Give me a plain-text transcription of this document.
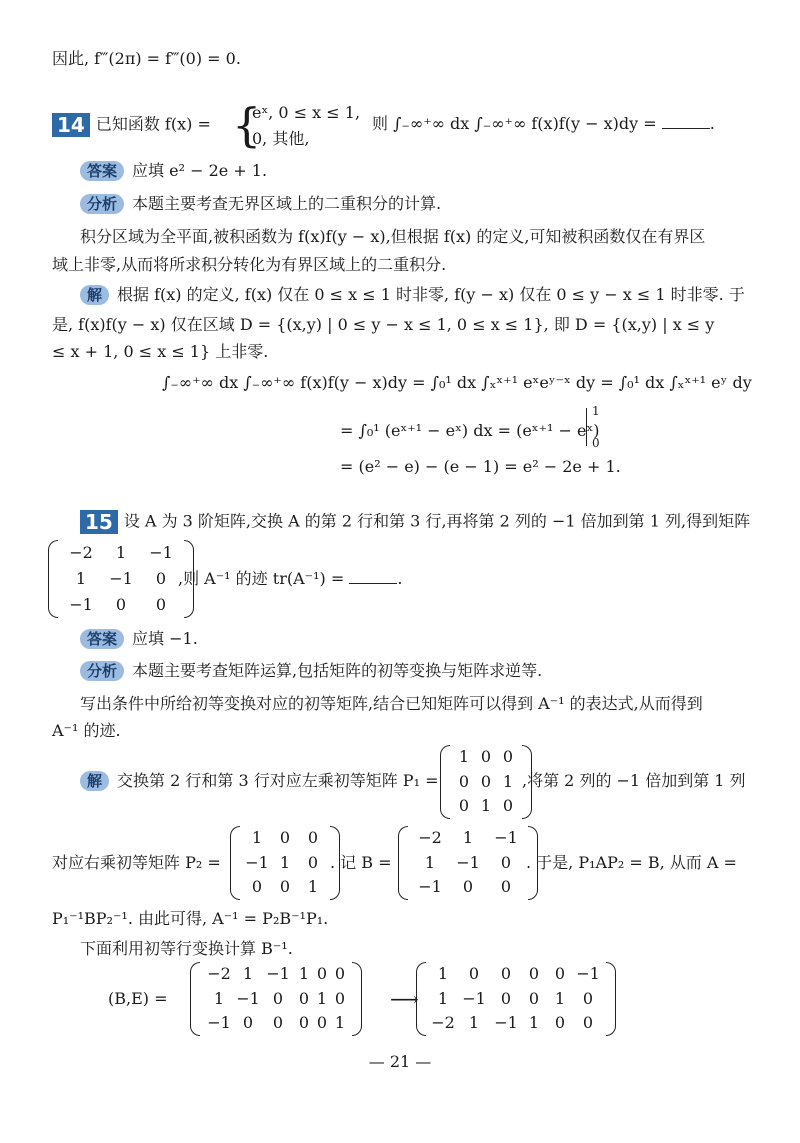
因此, f‴(2π) = f‴(0) = 0.
14 已知函数 f(x) = {
eˣ, 0 ≤ x ≤ 1,
0, 其他,
则 ∫₋∞⁺∞ dx ∫₋∞⁺∞ f(x)f(y − x)dy =	.
答案 应填 e² − 2e + 1.
分析 本题主要考查无界区域上的二重积分的计算.
积分区域为全平面,被积函数为 f(x)f(y − x),但根据 f(x) 的定义,可知被积函数仅在有界区
域上非零,从而将所求积分转化为有界区域上的二重积分.
解 根据 f(x) 的定义, f(x) 仅在 0 ≤ x ≤ 1 时非零, f(y − x) 仅在 0 ≤ y − x ≤ 1 时非零. 于
是, f(x)f(y − x) 仅在区域 D = {(x,y) | 0 ≤ y − x ≤ 1, 0 ≤ x ≤ 1}, 即 D = {(x,y) | x ≤ y
≤ x + 1, 0 ≤ x ≤ 1} 上非零.
∫₋∞⁺∞ dx ∫₋∞⁺∞ f(x)f(y − x)dy = ∫₀¹ dx ∫ₓˣ⁺¹ eˣeʸ⁻ˣ dy = ∫₀¹ dx ∫ₓˣ⁺¹ eʸ dy
= ∫₀¹ (eˣ⁺¹ − eˣ) dx = (eˣ⁺¹ − eˣ)
1
0
= (e² − e) − (e − 1) = e² − 2e + 1.
15 设 A 为 3 阶矩阵,交换 A 的第 2 行和第 3 行,再将第 2 列的 −1 倍加到第 1 列,得到矩阵
−2	1	−1
1	−1	0
−1	0	0
,则 A⁻¹ 的迹 tr(A⁻¹) =	.
答案 应填 −1.
分析 本题主要考查矩阵运算,包括矩阵的初等变换与矩阵求逆等.
写出条件中所给初等变换对应的初等矩阵,结合已知矩阵可以得到 A⁻¹ 的表达式,从而得到
A⁻¹ 的迹.
解 交换第 2 行和第 3 行对应左乘初等矩阵 P₁ =
1 0 0
0 0 1
0 1 0
,将第 2 列的 −1 倍加到第 1 列
对应右乘初等矩阵 P₂ =
1	0	0
−1 1	0
0	0	1
. 记 B =
−2	1	−1
1	−1	0
−1	0	0
. 于是, P₁AP₂ = B, 从而 A =
P₁⁻¹BP₂⁻¹. 由此可得, A⁻¹ = P₂B⁻¹P₁.
下面利用初等行变换计算 B⁻¹.
(B,E) =
−2 1 −1 1 0 0
1 −1 0 0 1 0
−1 0	0 0 0 1
⟶
1	0	0	0 0 −1
1 −1 0	0 1	0
−2 1 −1 1 0	0
— 21 —
